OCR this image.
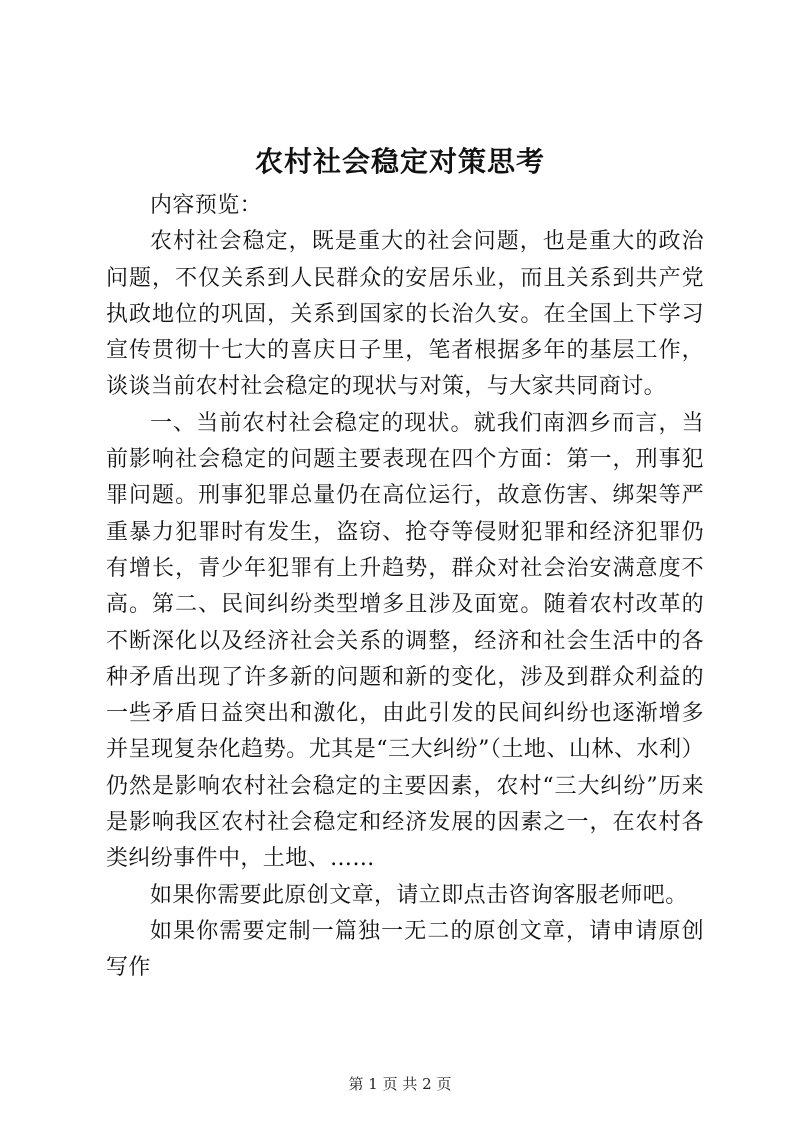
农村社会稳定对策思考

内容预览：

农村社会稳定，既是重大的社会问题，也是重大的政治问题，不仅关系到人民群众的安居乐业，而且关系到共产党执政地位的巩固，关系到国家的长治久安。在全国上下学习宣传贯彻十七大的喜庆日子里，笔者根据多年的基层工作，谈谈当前农村社会稳定的现状与对策，与大家共同商讨。

一、当前农村社会稳定的现状。就我们南泗乡而言，当前影响社会稳定的问题主要表现在四个方面：第一，刑事犯罪问题。刑事犯罪总量仍在高位运行，故意伤害、绑架等严重暴力犯罪时有发生，盗窃、抢夺等侵财犯罪和经济犯罪仍有增长，青少年犯罪有上升趋势，群众对社会治安满意度不高。第二、民间纠纷类型增多且涉及面宽。随着农村改革的不断深化以及经济社会关系的调整，经济和社会生活中的各种矛盾出现了许多新的问题和新的变化，涉及到群众利益的一些矛盾日益突出和激化，由此引发的民间纠纷也逐渐增多并呈现复杂化趋势。尤其是“三大纠纷”（土地、山林、水利）仍然是影响农村社会稳定的主要因素，农村“三大纠纷”历来是影响我区农村社会稳定和经济发展的因素之一，在农村各类纠纷事件中，土地、……

如果你需要此原创文章，请立即点击咨询客服老师吧。

如果你需要定制一篇独一无二的原创文章，请申请原创写作

第 1 页 共 2 页
